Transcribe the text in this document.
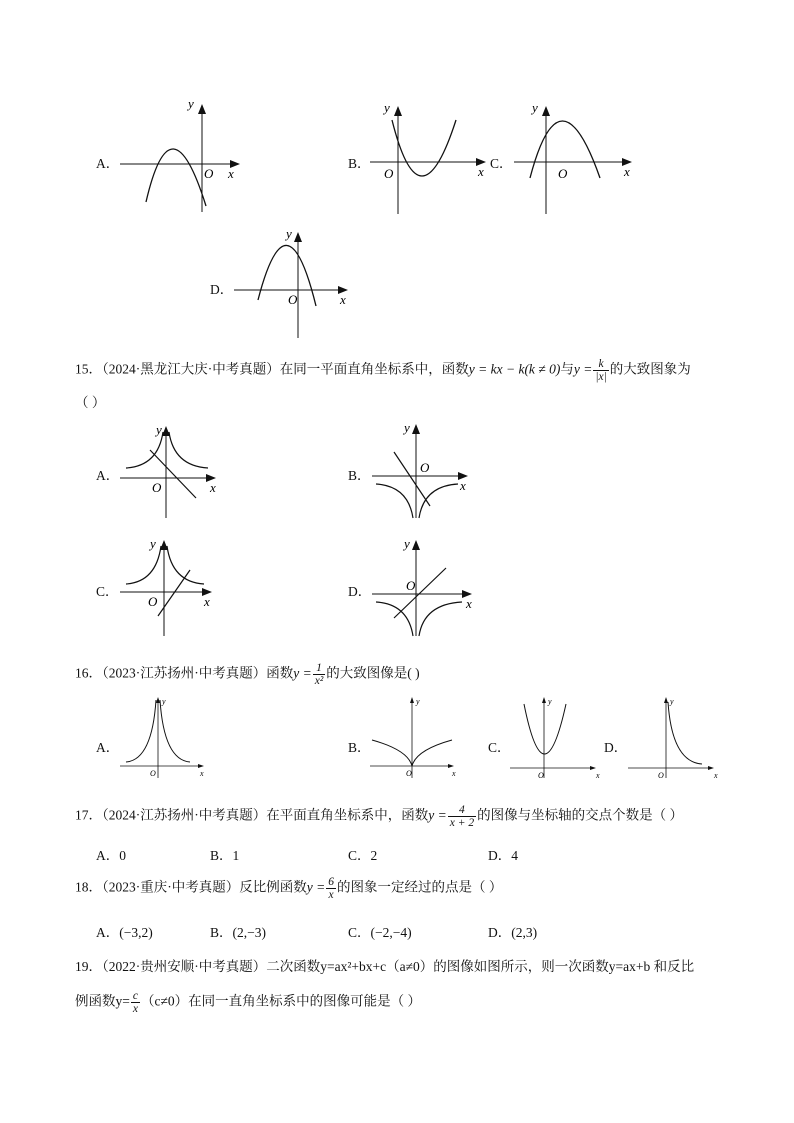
A．
y
x
O
B．
y
x
O
C．
y
x
O
D．
y
x
O
15．（2024·黑龙江大庆·中考真题）在同一平面直角坐标系中，函数y = kx − k(k ≠ 0)与$y = \frac{k}{|x|}$ 的大致图象为
（ ）
A．
y
x
O
B．
y
x
O
C．
y
x
O
D．
y
x
O
16．（2023·江苏扬州·中考真题）函数$y = \frac{1}{\text{x²}}$ 的大致图像是( )
A．
y
x
O
B．
y
x
O
C．
y
x
O
D．
y
x
O
17．（2024·江苏扬州·中考真题）在平面直角坐标系中，函数$y = \frac{4}{x + 2}$ 的图像与坐标轴的交点个数是（ ）
A．0	B．1	C．2	D．4
18．（2023·重庆·中考真题）反比例函数$y = \frac{6}{x}$ 的图象一定经过的点是（ ）
A．(−3,2)	B．(2,−3)	C．(−2,−4)	D．(2,3)
19．（2022·贵州安顺·中考真题）二次函数y=ax²+bx+c（a≠0）的图像如图所示，则一次函数y=ax+b 和反比
例函数$y= \frac{c}{x} (c\ne 0)$在同一直角坐标系中的图像可能是（ ）
